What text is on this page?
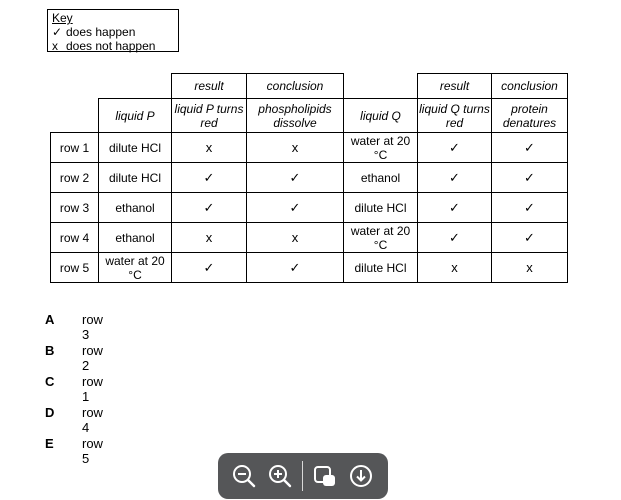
Key
✓ does happen
x does not happen
		result	conclusion		result	conclusion
	liquid P	liquid P turns red	phospholipids dissolve	liquid Q	liquid Q turns red	protein denatures
row 1	dilute HCl	x	x	water at 20 °C	✓	✓
row 2	dilute HCl	✓	✓	ethanol	✓	✓
row 3	ethanol	✓	✓	dilute HCl	✓	✓
row 4	ethanol	x	x	water at 20 °C	✓	✓
row 5	water at 20 °C	✓	✓	dilute HCl	x	x
A row 3
B row 2
C row 1
D row 4
E row 5
